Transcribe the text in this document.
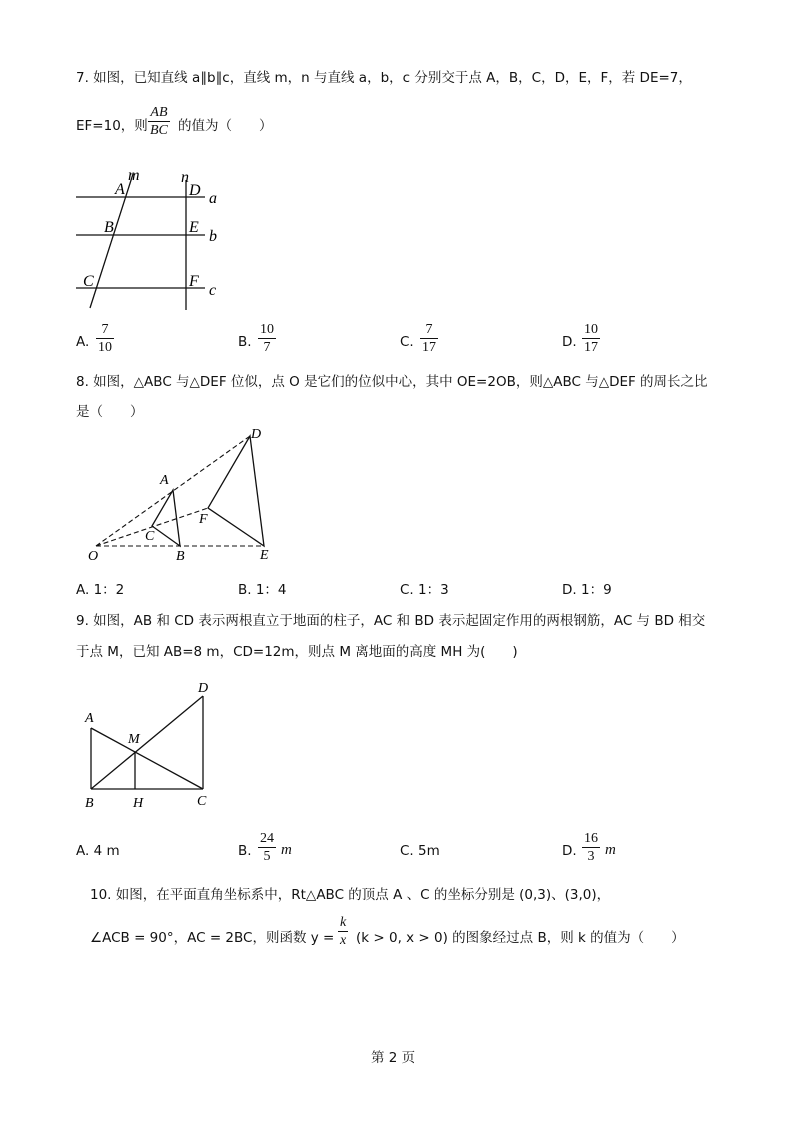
7. 如图，已知直线 a∥b∥c，直线 m，n 与直线 a，b，c 分别交于点 A，B，C，D，E，F，若 DE=7，
EF=10，则 $\frac{AB}{BC}$ 的值为（　　）
m	n
A	D a
B	E
b
C	F
c
A. $\frac{7}{10}$	B. $\frac{10}{7}$	C. $\frac{7}{17}$	D. $\frac{10}{17}$
8. 如图，△ABC 与△DEF 位似，点 O 是它们的位似中心，其中 OE=2OB，则△ABC 与△DEF 的周长之比
是（　　）
O
A
B
C
D
E
F
A. 1：2	B. 1：4	C. 1：3	D. 1：9
9. 如图，AB 和 CD 表示两根直立于地面的柱子，AC 和 BD 表示起固定作用的两根钢筋，AC 与 BD 相交
于点 M，已知 AB=8 m，CD=12m，则点 M 离地面的高度 MH 为(　　)
A
B	C
D
M
H
A. 4 m	B. $\frac{24}{5}$ m	C. 5m	D. $\frac{16}{3}$ m
10. 如图，在平面直角坐标系中，Rt△ABC 的顶点 A 、C 的坐标分别是 (0,3)、(3,0)，
∠ACB = 90°，AC = 2BC，则函数 $y = \frac{k}{x} (k > 0$, x > 0) 的图象经过点 B，则 k 的值为（　　）
第 2 页
